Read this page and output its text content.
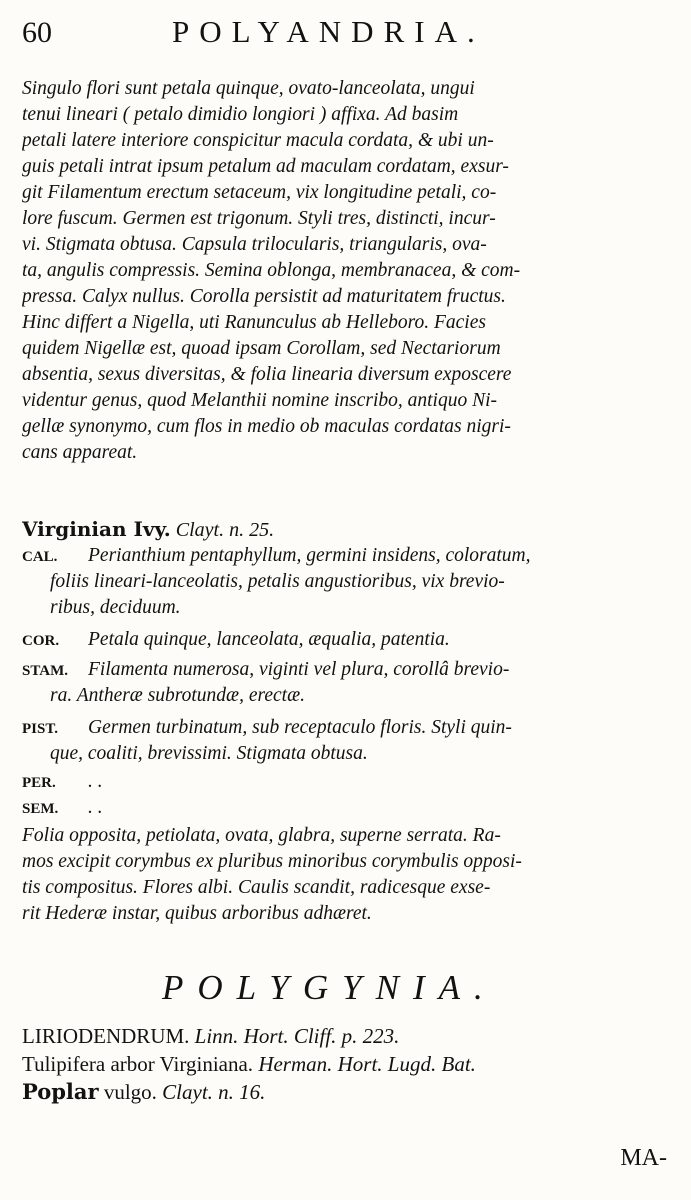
60	POLYANDRIA.
Singulo flori sunt petala quinque, ovato-lanceolata, ungui
tenui lineari ( petalo dimidio longiori ) affixa. Ad basim
petali latere interiore conspicitur macula cordata, & ubi un-
guis petali intrat ipsum petalum ad maculam cordatam, exsur-
git Filamentum erectum setaceum, vix longitudine petali, co-
lore fuscum. Germen est trigonum. Styli tres, distincti, incur-
vi. Stigmata obtusa. Capsula trilocularis, triangularis, ova-
ta, angulis compressis. Semina oblonga, membranacea, & com-
pressa. Calyx nullus. Corolla persistit ad maturitatem fructus.
Hinc differt a Nigella, uti Ranunculus ab Helleboro. Facies
quidem Nigellæ est, quoad ipsam Corollam, sed Nectariorum
absentia, sexus diversitas, & folia linearia diversum exposcere
videntur genus, quod Melanthii nomine inscribo, antiquo Ni-
gellæ synonymo, cum flos in medio ob maculas cordatas nigri-
cans appareat.
Virginian Ivy. Clayt. n. 25.
CAL. Perianthium pentaphyllum, germini insidens, coloratum,
foliis lineari-lanceolatis, petalis angustioribus, vix brevio-
ribus, deciduum.
COR. Petala quinque, lanceolata, æqualia, patentia.
STAM. Filamenta numerosa, viginti vel plura, corollâ brevio-
ra. Antheræ subrotundæ, erectæ.
PIST. Germen turbinatum, sub receptaculo floris. Styli quin-
que, coaliti, brevissimi. Stigmata obtusa.
PER. . .
SEM. . .
Folia opposita, petiolata, ovata, glabra, superne serrata. Ra-
mos excipit corymbus ex pluribus minoribus corymbulis opposi-
tis compositus. Flores albi. Caulis scandit, radicesque exse-
rit Hederæ instar, quibus arboribus adhæret.
POLYGYNIA.
LIRIODENDRUM. Linn. Hort. Cliff. p. 223.
Tulipifera arbor Virginiana. Herman. Hort. Lugd. Bat.
Poplar vulgo. Clayt. n. 16.
MA-
